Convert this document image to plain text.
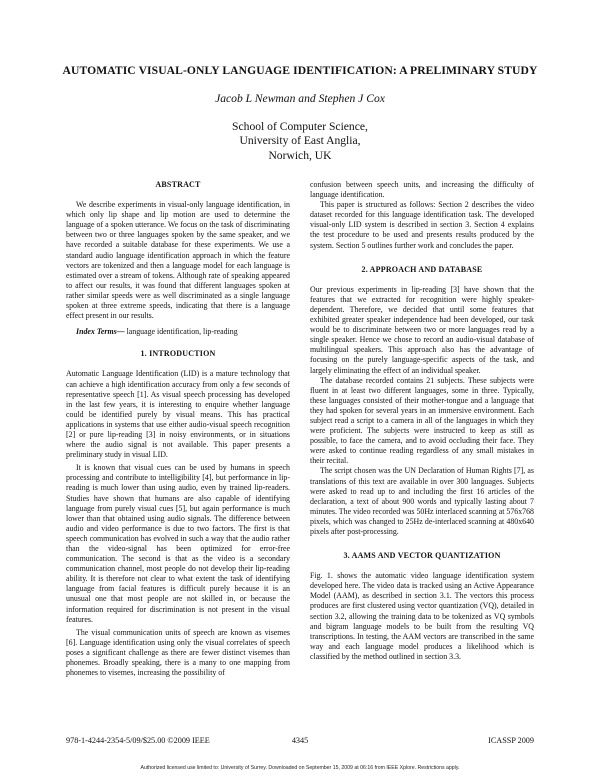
AUTOMATIC VISUAL-ONLY LANGUAGE IDENTIFICATION: A PRELIMINARY STUDY
Jacob L Newman and Stephen J Cox
School of Computer Science,
University of East Anglia,
Norwich, UK
ABSTRACT

We describe experiments in visual-only language identification, in which only lip shape and lip motion are used to determine the language of a spoken utterance. We focus on the task of discriminating between two or three languages spoken by the same speaker, and we have recorded a suitable database for these experiments. We use a standard audio language identification approach in which the feature vectors are tokenized and then a language model for each language is estimated over a stream of tokens. Although rate of speaking appeared to affect our results, it was found that different languages spoken at rather similar speeds were as well discriminated as a single language spoken at three extreme speeds, indicating that there is a language effect present in our results.

Index Terms— language identification, lip-reading

1. INTRODUCTION

Automatic Language Identification (LID) is a mature technology that can achieve a high identification accuracy from only a few seconds of representative speech [1]. As visual speech processing has developed in the last few years, it is interesting to enquire whether language could be identified purely by visual means. This has practical applications in systems that use either audio-visual speech recognition [2] or pure lip-reading [3] in noisy environments, or in situations where the audio signal is not available. This paper presents a preliminary study in visual LID.

It is known that visual cues can be used by humans in speech processing and contribute to intelligibility [4], but performance in lip-reading is much lower than using audio, even by trained lip-readers. Studies have shown that humans are also capable of identifying language from purely visual cues [5], but again performance is much lower than that obtained using audio signals. The difference between audio and video performance is due to two factors. The first is that speech communication has evolved in such a way that the audio rather than the video-signal has been optimized for error-free communication. The second is that as the video is a secondary communication channel, most people do not develop their lip-reading ability. It is therefore not clear to what extent the task of identifying language from facial features is difficult purely because it is an unusual one that most people are not skilled in, or because the information required for discrimination is not present in the visual features.

The visual communication units of speech are known as visemes [6]. Language identification using only the visual correlates of speech poses a significant challenge as there are fewer distinct visemes than phonemes. Broadly speaking, there is a many to one mapping from phonemes to visemes, increasing the possibility of

confusion between speech units, and increasing the difficulty of language identification.

This paper is structured as follows: Section 2 describes the video dataset recorded for this language identification task. The developed visual-only LID system is described in section 3. Section 4 explains the test procedure to be used and presents results produced by the system. Section 5 outlines further work and concludes the paper.

2. APPROACH AND DATABASE

Our previous experiments in lip-reading [3] have shown that the features that we extracted for recognition were highly speaker-dependent. Therefore, we decided that until some features that exhibited greater speaker independence had been developed, our task would be to discriminate between two or more languages read by a single speaker. Hence we chose to record an audio-visual database of multilingual speakers. This approach also has the advantage of focusing on the purely language-specific aspects of the task, and largely eliminating the effect of an individual speaker.

The database recorded contains 21 subjects. These subjects were fluent in at least two different languages, some in three. Typically, these languages consisted of their mother-tongue and a language that they had spoken for several years in an immersive environment. Each subject read a script to a camera in all of the languages in which they were proficient. The subjects were instructed to keep as still as possible, to face the camera, and to avoid occluding their face. They were asked to continue reading regardless of any small mistakes in their recital.

The script chosen was the UN Declaration of Human Rights [7], as translations of this text are available in over 300 languages. Subjects were asked to read up to and including the first 16 articles of the declaration, a text of about 900 words and typically lasting about 7 minutes. The video recorded was 50Hz interlaced scanning at 576x768 pixels, which was changed to 25Hz de-interlaced scanning at 480x640 pixels after post-processing.

3. AAMS AND VECTOR QUANTIZATION

Fig. 1. shows the automatic video language identification system developed here. The video data is tracked using an Active Appearance Model (AAM), as described in section 3.1. The vectors this process produces are first clustered using vector quantization (VQ), detailed in section 3.2, allowing the training data to be tokenized as VQ symbols and bigram language models to be built from the resulting VQ transcriptions. In testing, the AAM vectors are transcribed in the same way and each language model produces a likelihood which is classified by the method outlined in section 3.3.

978-1-4244-2354-5/09/$25.00 ©2009 IEEE	4345	ICASSP 2009
Authorized licensed use limited to: University of Surrey. Downloaded on September 15, 2009 at 06:16 from IEEE Xplore. Restrictions apply.
